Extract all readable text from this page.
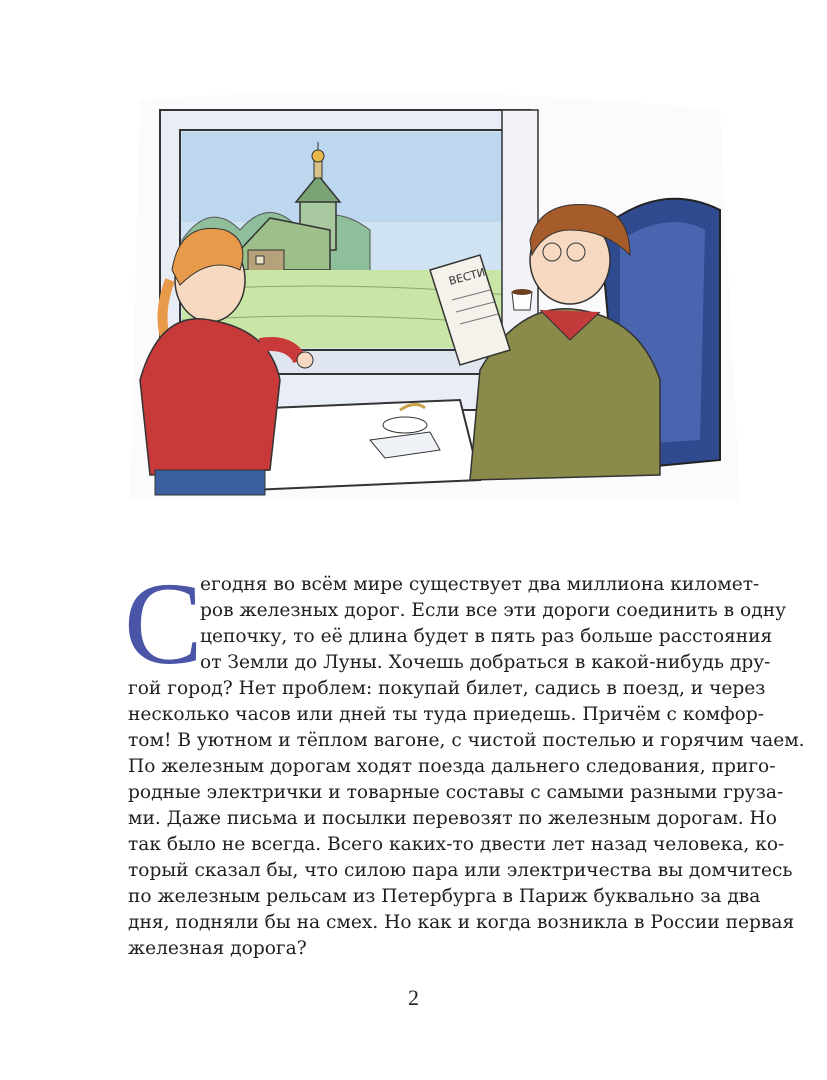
ВЕСТИ
С
егодня во всём мире существует два миллиона километ-
ров железных дорог. Если все эти дороги соединить в одну
цепочку, то её длина будет в пять раз больше расстояния
от Земли до Луны. Хочешь добраться в какой-нибудь дру-
гой город? Нет проблем: покупай билет, садись в поезд, и через
несколько часов или дней ты туда приедешь. Причём с комфор-
том! В уютном и тёплом вагоне, с чистой постелью и горячим чаем.
По железным дорогам ходят поезда дальнего следования, приго-
родные электрички и товарные составы с самыми разными груза-
ми. Даже письма и посылки перевозят по железным дорогам. Но
так было не всегда. Всего каких-то двести лет назад человека, ко-
торый сказал бы, что силою пара или электричества вы домчитесь
по железным рельсам из Петербурга в Париж буквально за два
дня, подняли бы на смех. Но как и когда возникла в России первая
железная дорога?
2
